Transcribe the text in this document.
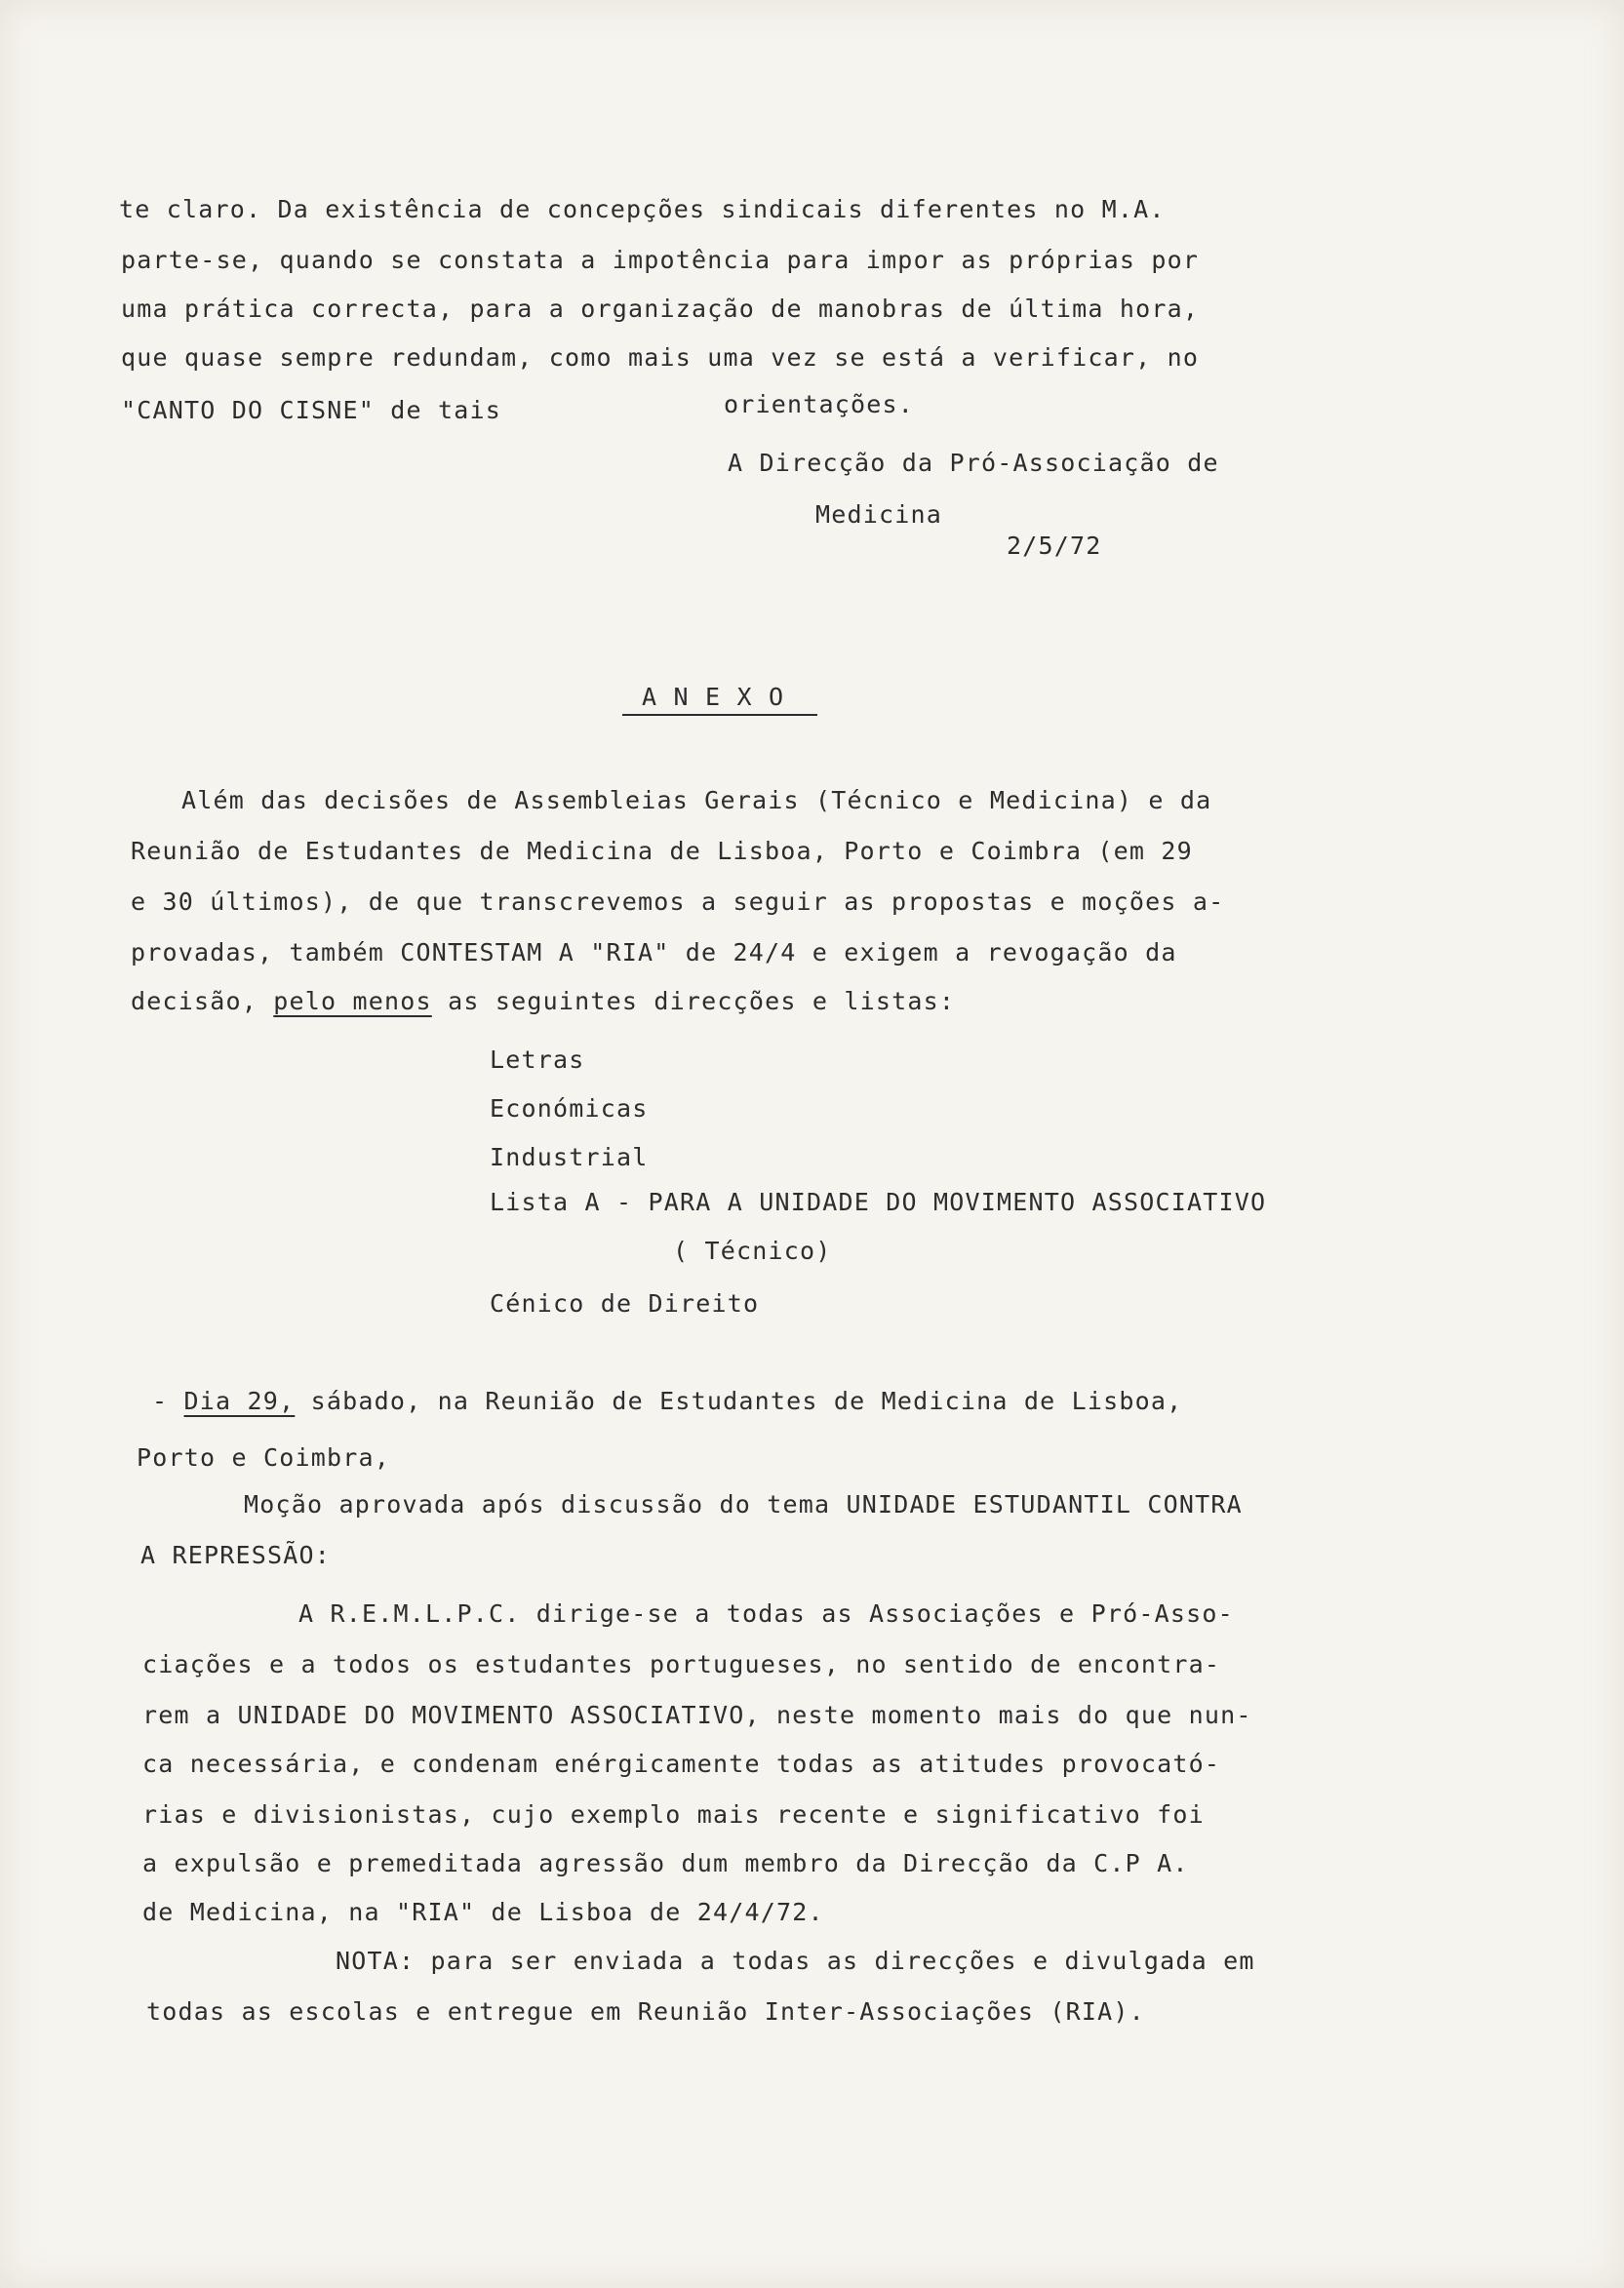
te claro. Da existência de concepções sindicais diferentes no M.A.
parte-se, quando se constata a impotência para impor as próprias por
uma prática correcta, para a organização de manobras de última hora,
que quase sempre redundam, como mais uma vez se está a verificar, no
"CANTO DO CISNE" de tais	orientações.
A Direcção da Pró-Associação de
Medicina
2/5/72
A N E X O
Além das decisões de Assembleias Gerais (Técnico e Medicina) e da
Reunião de Estudantes de Medicina de Lisboa, Porto e Coimbra (em 29
e 30 últimos), de que transcrevemos a seguir as propostas e moções a-
provadas, também CONTESTAM A "RIA" de 24/4 e exigem a revogação da
decisão, pelo menos as seguintes direcções e listas:
Letras
Económicas
Industrial
Lista A - PARA A UNIDADE DO MOVIMENTO ASSOCIATIVO
( Técnico)
Cénico de Direito
- Dia 29, sábado, na Reunião de Estudantes de Medicina de Lisboa,
Porto e Coimbra,
Moção aprovada após discussão do tema UNIDADE ESTUDANTIL CONTRA
A REPRESSÃO:
A R.E.M.L.P.C. dirige-se a todas as Associações e Pró-Asso-
ciações e a todos os estudantes portugueses, no sentido de encontra-
rem a UNIDADE DO MOVIMENTO ASSOCIATIVO, neste momento mais do que nun-
ca necessária, e condenam enérgicamente todas as atitudes provocató-
rias e divisionistas, cujo exemplo mais recente e significativo foi
a expulsão e premeditada agressão dum membro da Direcção da C.P A.
de Medicina, na "RIA" de Lisboa de 24/4/72.
NOTA: para ser enviada a todas as direcções e divulgada em
todas as escolas e entregue em Reunião Inter-Associações (RIA).
